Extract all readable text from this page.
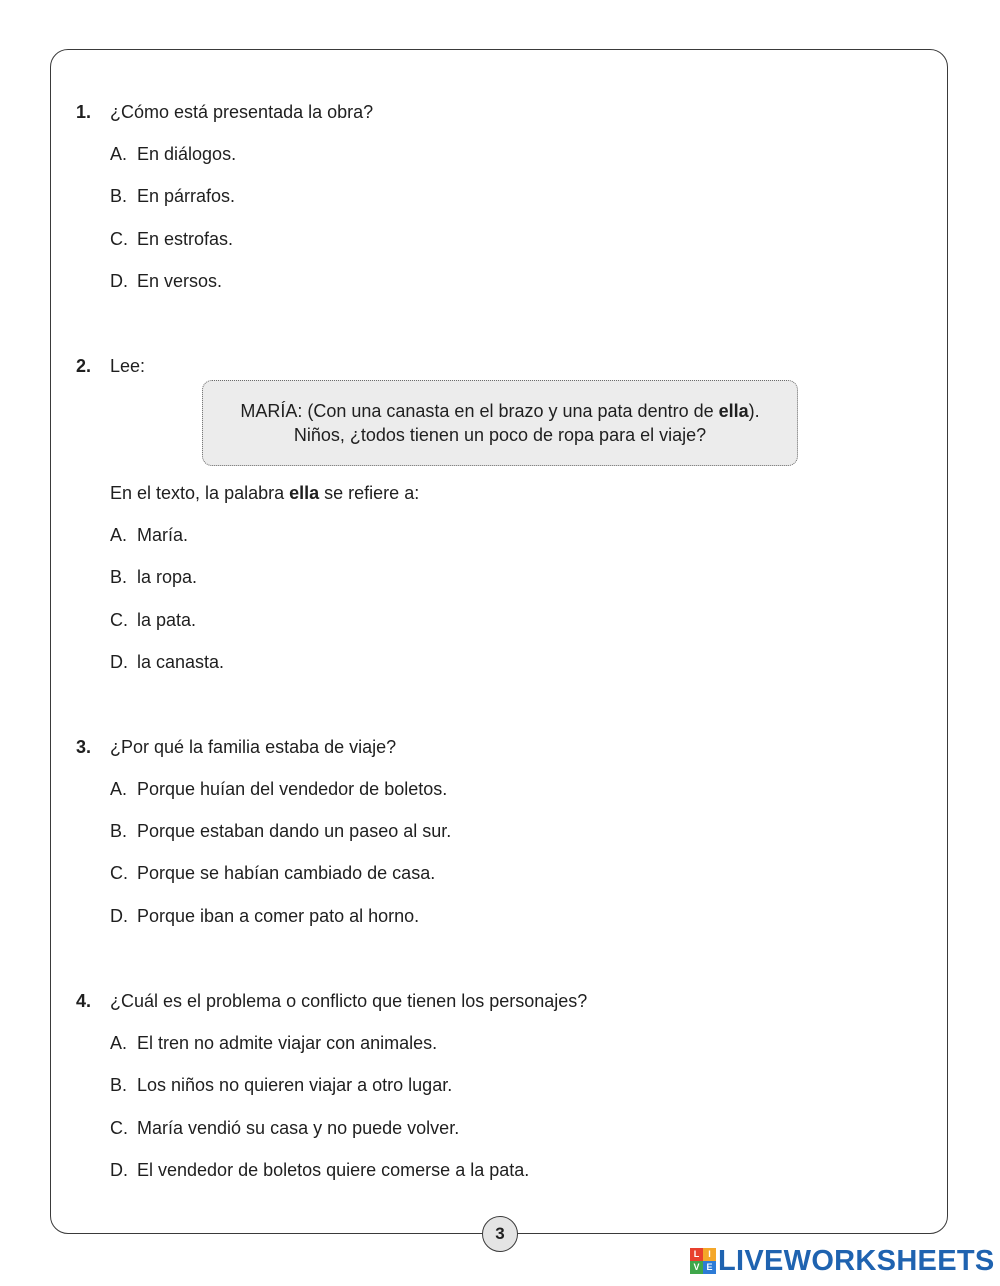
1. ¿Cómo está presentada la obra?
A. En diálogos.
B. En párrafos.
C. En estrofas.
D. En versos.
2. Lee:
MARÍA: (Con una canasta en el brazo y una pata dentro de ella).
Niños, ¿todos tienen un poco de ropa para el viaje?
En el texto, la palabra ella se refiere a:
A. María.
B. la ropa.
C. la pata.
D. la canasta.
3. ¿Por qué la familia estaba de viaje?
A. Porque huían del vendedor de boletos.
B. Porque estaban dando un paseo al sur.
C. Porque se habían cambiado de casa.
D. Porque iban a comer pato al horno.
4. ¿Cuál es el problema o conflicto que tienen los personajes?
A. El tren no admite viajar con animales.
B. Los niños no quieren viajar a otro lugar.
C. María vendió su casa y no puede volver.
D. El vendedor de boletos quiere comerse a la pata.
3
L I
V E LIVEWORKSHEETS
